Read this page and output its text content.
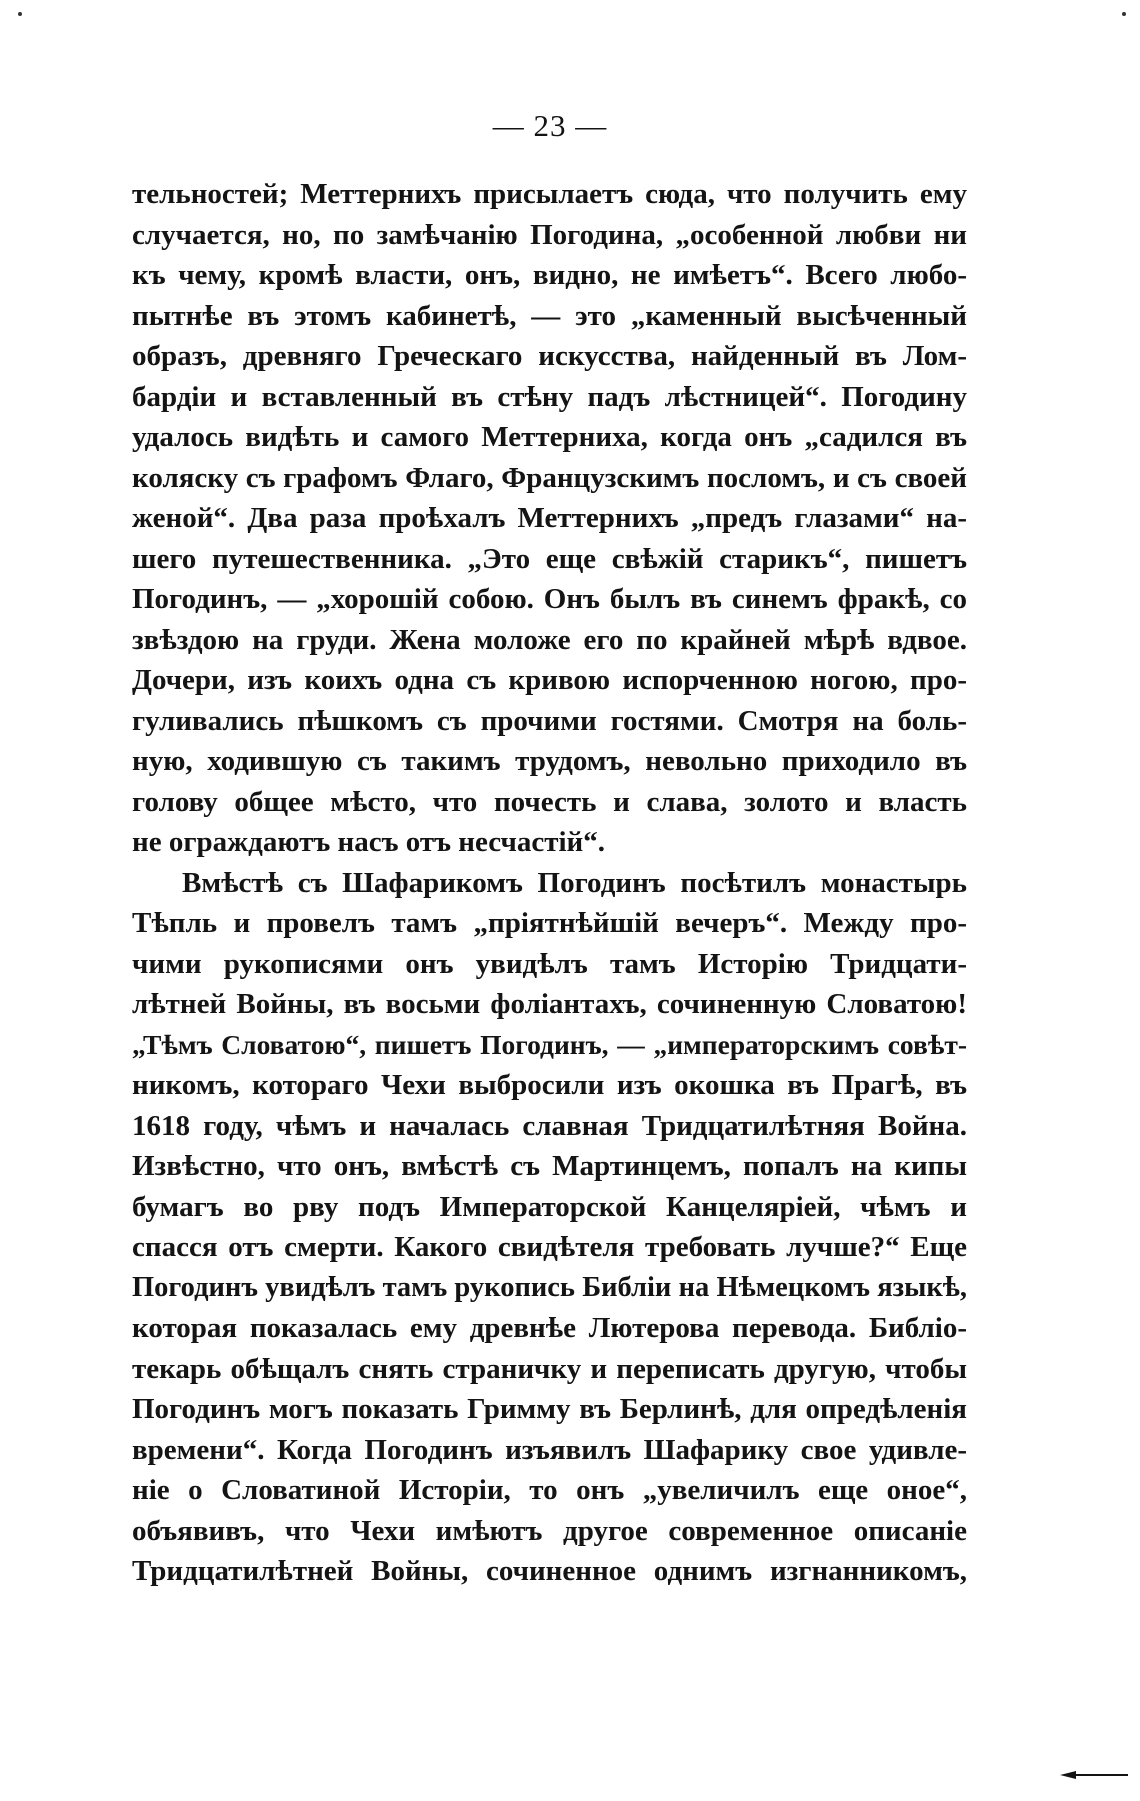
— 23 —
тельностей; Меттернихъ присылаетъ сюда, что получить ему
случается, но, по замѣчанію Погодина, „особенной любви ни
къ чему, кромѣ власти, онъ, видно, не имѣетъ“. Всего любо-
пытнѣе въ этомъ кабинетѣ, — это „каменный высѣченный
образъ, древняго Греческаго искусства, найденный въ Лом-
бардіи и вставленный въ стѣну падъ лѣстницей“. Погодину
удалось видѣть и самого Меттерниха, когда онъ „садился въ
коляску съ графомъ Флаго, Французскимъ посломъ, и съ своей
женой“. Два раза проѣхалъ Меттернихъ „предъ глазами“ на-
шего путешественника. „Это еще свѣжій старикъ“, пишетъ
Погодинъ, — „хорошій собою. Онъ былъ въ синемъ фракѣ, со
звѣздою на груди. Жена моложе его по крайней мѣрѣ вдвое.
Дочери, изъ коихъ одна съ кривою испорченною ногою, про-
гуливались пѣшкомъ съ прочими гостями. Смотря на боль-
ную, ходившую съ такимъ трудомъ, невольно приходило въ
голову общее мѣсто, что почесть и слава, золото и власть
не ограждаютъ насъ отъ несчастій“.
Вмѣстѣ съ Шафарикомъ Погодинъ посѣтилъ монастырь
Тѣпль и провелъ тамъ „пріятнѣйшій вечеръ“. Между про-
чими рукописями онъ увидѣлъ тамъ Исторію Тридцати-
лѣтней Войны, въ восьми фоліантахъ, сочиненную Словатою!
„Тѣмъ Словатою“, пишетъ Погодинъ, — „императорскимъ совѣт-
никомъ, котораго Чехи выбросили изъ окошка въ Прагѣ, въ
1618 году, чѣмъ и началась славная Тридцатилѣтняя Война.
Извѣстно, что онъ, вмѣстѣ съ Мартинцемъ, попалъ на кипы
бумагъ во рву подъ Императорской Канцеляріей, чѣмъ и
спасся отъ смерти. Какого свидѣтеля требовать лучше?“ Еще
Погодинъ увидѣлъ тамъ рукопись Библіи на Нѣмецкомъ языкѣ,
которая показалась ему древнѣе Лютерова перевода. Библіо-
текарь обѣщалъ снять страничку и переписать другую, чтобы
Погодинъ могъ показать Гримму въ Берлинѣ, для опредѣленія
времени“. Когда Погодинъ изъявилъ Шафарику свое удивле-
ніе о Словатиной Исторіи, то онъ „увеличилъ еще оное“,
объявивъ, что Чехи имѣютъ другое современное описаніе
Тридцатилѣтней Войны, сочиненное однимъ изгнанникомъ,
